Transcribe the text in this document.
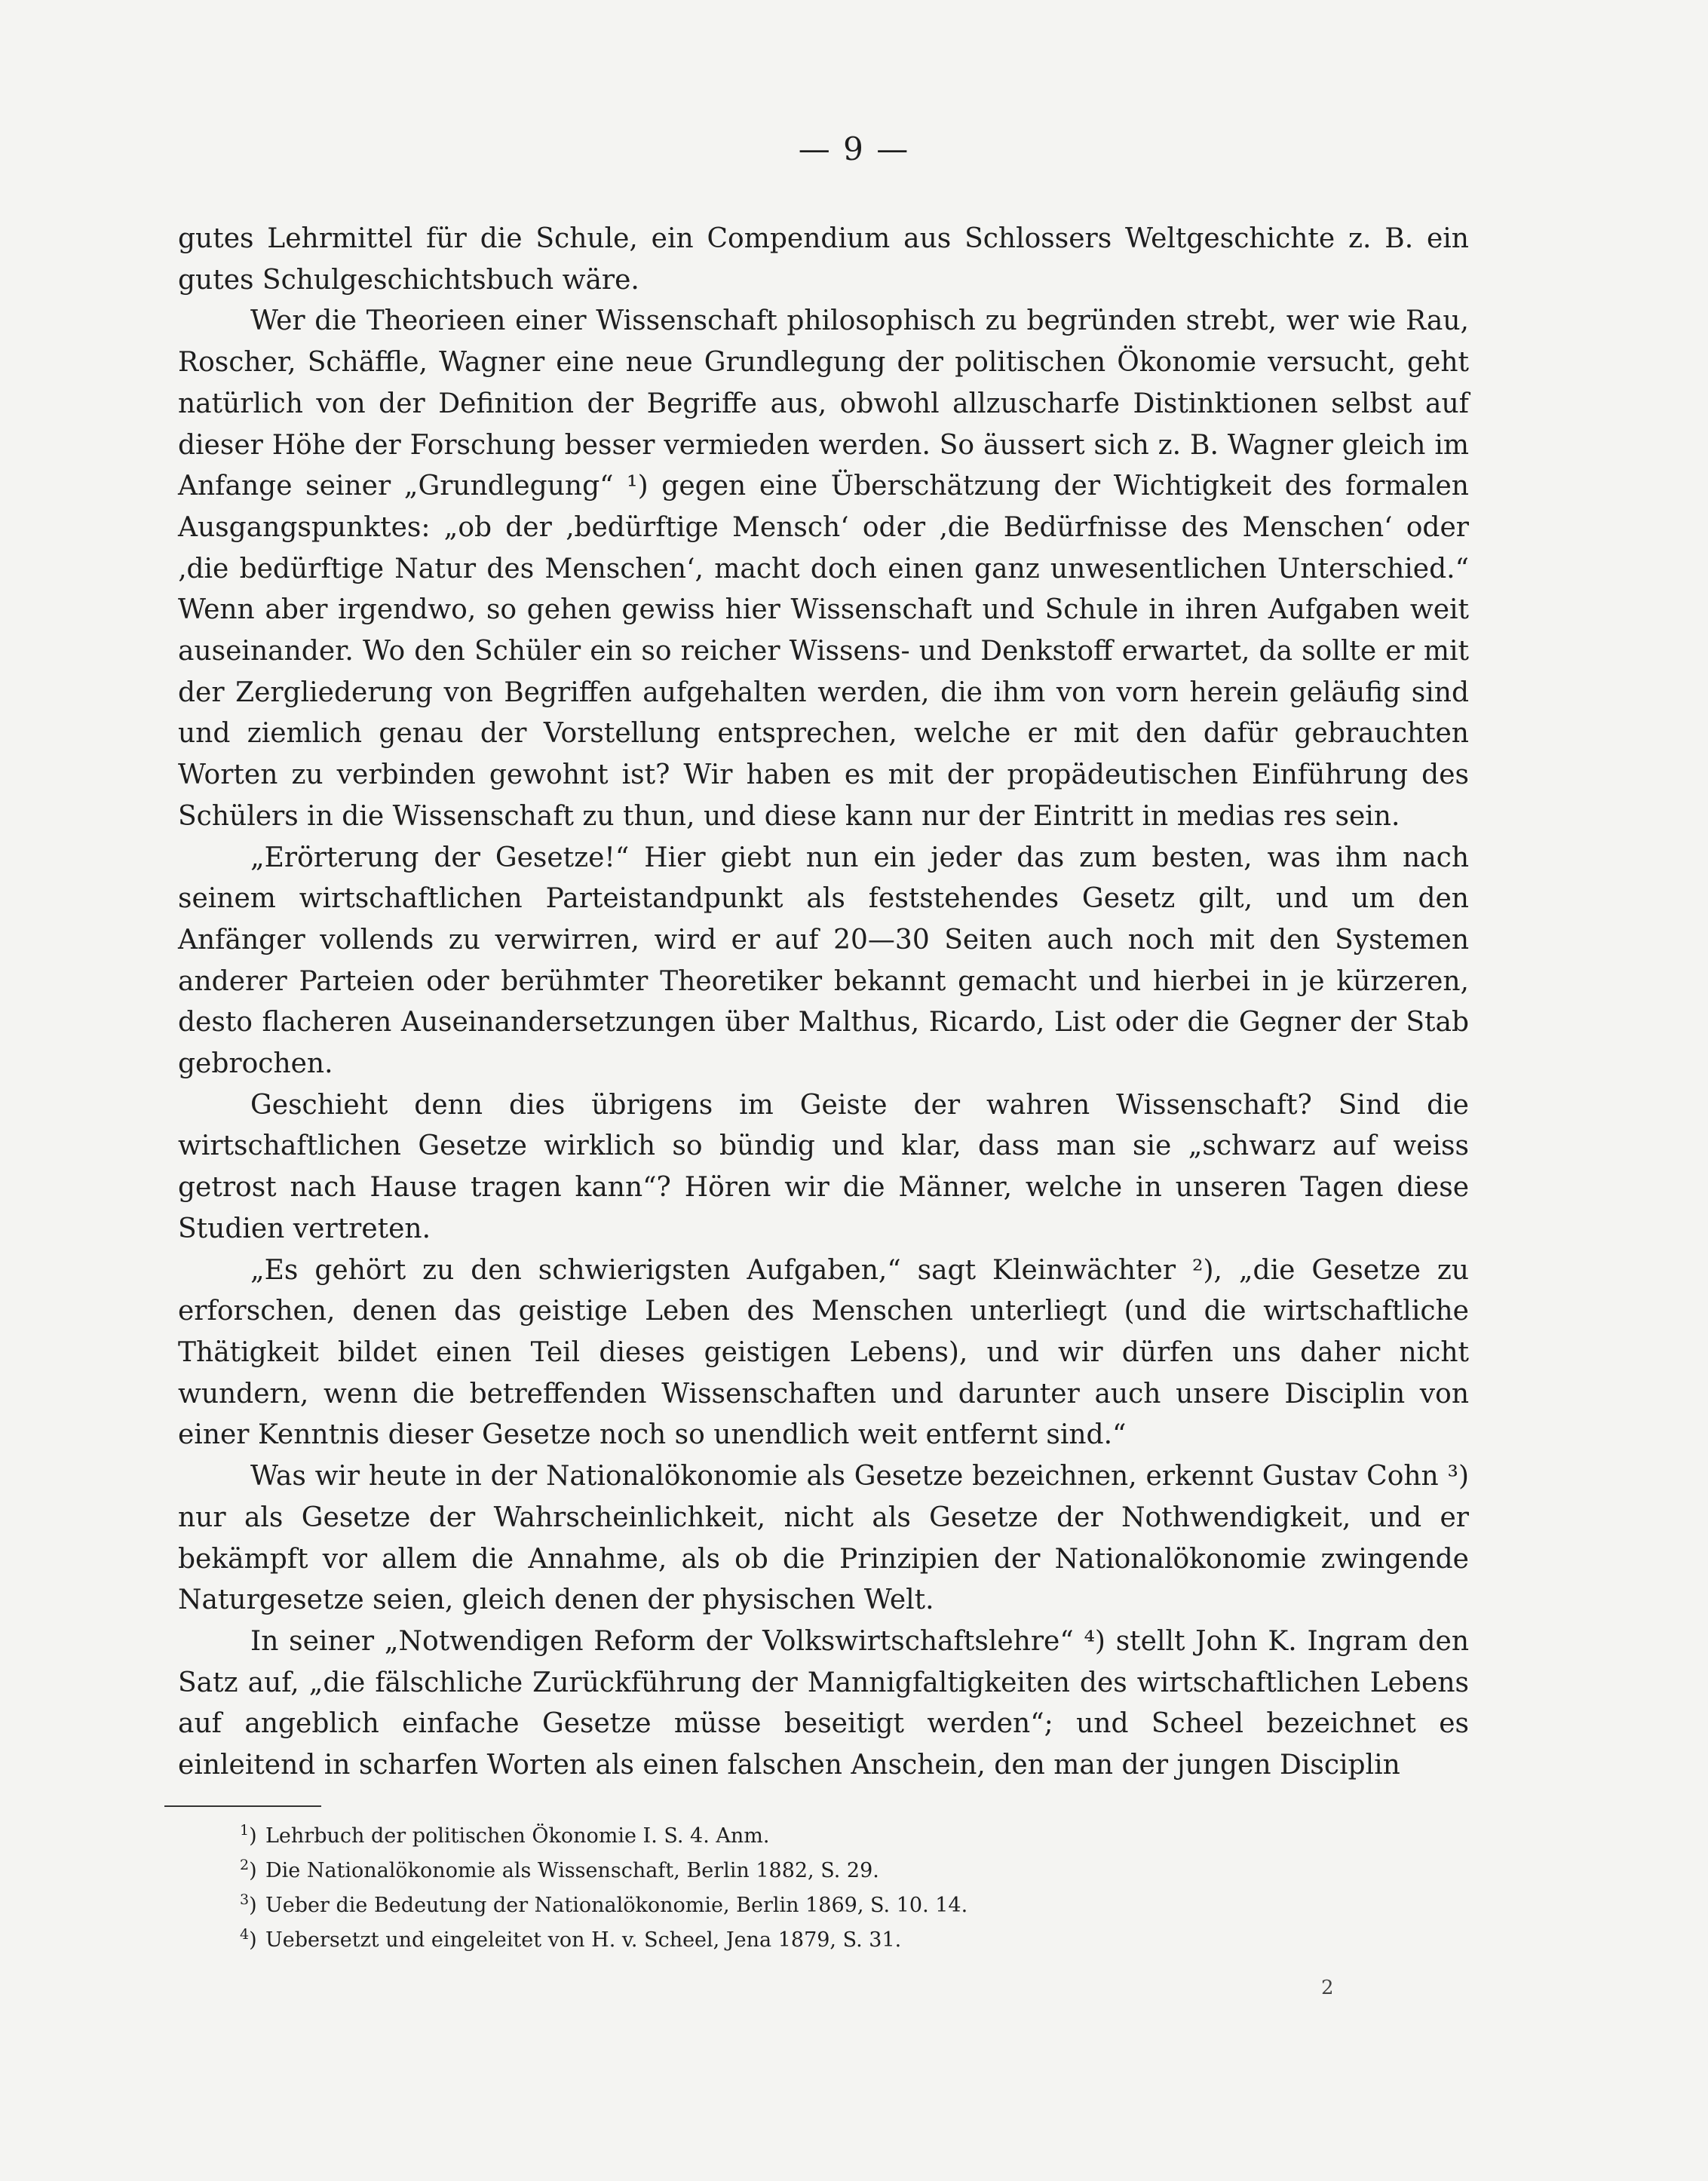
— 9 —

gutes Lehrmittel für die Schule, ein Compendium aus Schlossers Weltgeschichte z. B. ein gutes Schulgeschichtsbuch wäre.

Wer die Theorieen einer Wissenschaft philosophisch zu begründen strebt, wer wie Rau, Roscher, Schäffle, Wagner eine neue Grundlegung der politischen Ökonomie versucht, geht natürlich von der Definition der Begriffe aus, obwohl allzuscharfe Distinktionen selbst auf dieser Höhe der Forschung besser vermieden werden. So äussert sich z. B. Wagner gleich im Anfange seiner „Grundlegung“ ¹) gegen eine Überschätzung der Wichtigkeit des formalen Ausgangspunktes: „ob der ‚bedürftige Mensch‘ oder ‚die Bedürfnisse des Menschen‘ oder ‚die bedürftige Natur des Menschen‘, macht doch einen ganz unwesentlichen Unterschied.“ Wenn aber irgendwo, so gehen gewiss hier Wissenschaft und Schule in ihren Aufgaben weit auseinander. Wo den Schüler ein so reicher Wissens- und Denkstoff erwartet, da sollte er mit der Zergliederung von Begriffen aufgehalten werden, die ihm von vorn herein geläufig sind und ziemlich genau der Vorstellung entsprechen, welche er mit den dafür gebrauchten Worten zu verbinden gewohnt ist? Wir haben es mit der propädeutischen Einführung des Schülers in die Wissenschaft zu thun, und diese kann nur der Eintritt in medias res sein.

„Erörterung der Gesetze!“ Hier giebt nun ein jeder das zum besten, was ihm nach seinem wirtschaftlichen Parteistandpunkt als feststehendes Gesetz gilt, und um den Anfänger vollends zu verwirren, wird er auf 20—30 Seiten auch noch mit den Systemen anderer Parteien oder berühmter Theoretiker bekannt gemacht und hierbei in je kürzeren, desto flacheren Auseinandersetzungen über Malthus, Ricardo, List oder die Gegner der Stab gebrochen.

Geschieht denn dies übrigens im Geiste der wahren Wissenschaft? Sind die wirtschaftlichen Gesetze wirklich so bündig und klar, dass man sie „schwarz auf weiss getrost nach Hause tragen kann“? Hören wir die Männer, welche in unseren Tagen diese Studien vertreten.

„Es gehört zu den schwierigsten Aufgaben,“ sagt Kleinwächter ²), „die Gesetze zu erforschen, denen das geistige Leben des Menschen unterliegt (und die wirtschaftliche Thätigkeit bildet einen Teil dieses geistigen Lebens), und wir dürfen uns daher nicht wundern, wenn die betreffenden Wissenschaften und darunter auch unsere Disciplin von einer Kenntnis dieser Gesetze noch so unendlich weit entfernt sind.“

Was wir heute in der Nationalökonomie als Gesetze bezeichnen, erkennt Gustav Cohn ³) nur als Gesetze der Wahrscheinlichkeit, nicht als Gesetze der Nothwendigkeit, und er bekämpft vor allem die Annahme, als ob die Prinzipien der Nationalökonomie zwingende Naturgesetze seien, gleich denen der physischen Welt.

In seiner „Notwendigen Reform der Volkswirtschaftslehre“ ⁴) stellt John K. Ingram den Satz auf, „die fälschliche Zurückführung der Mannigfaltigkeiten des wirtschaftlichen Lebens auf angeblich einfache Gesetze müsse beseitigt werden“; und Scheel bezeichnet es einleitend in scharfen Worten als einen falschen Anschein, den man der jungen Disciplin

$^1$) Lehrbuch der politischen Ökonomie I. S. 4. Anm.
$^2$) Die Nationalökonomie als Wissenschaft, Berlin 1882, S. 29.
$^3$) Ueber die Bedeutung der Nationalökonomie, Berlin 1869, S. 10. 14.
$^4$) Uebersetzt und eingeleitet von H. v. Scheel, Jena 1879, S. 31.
2
